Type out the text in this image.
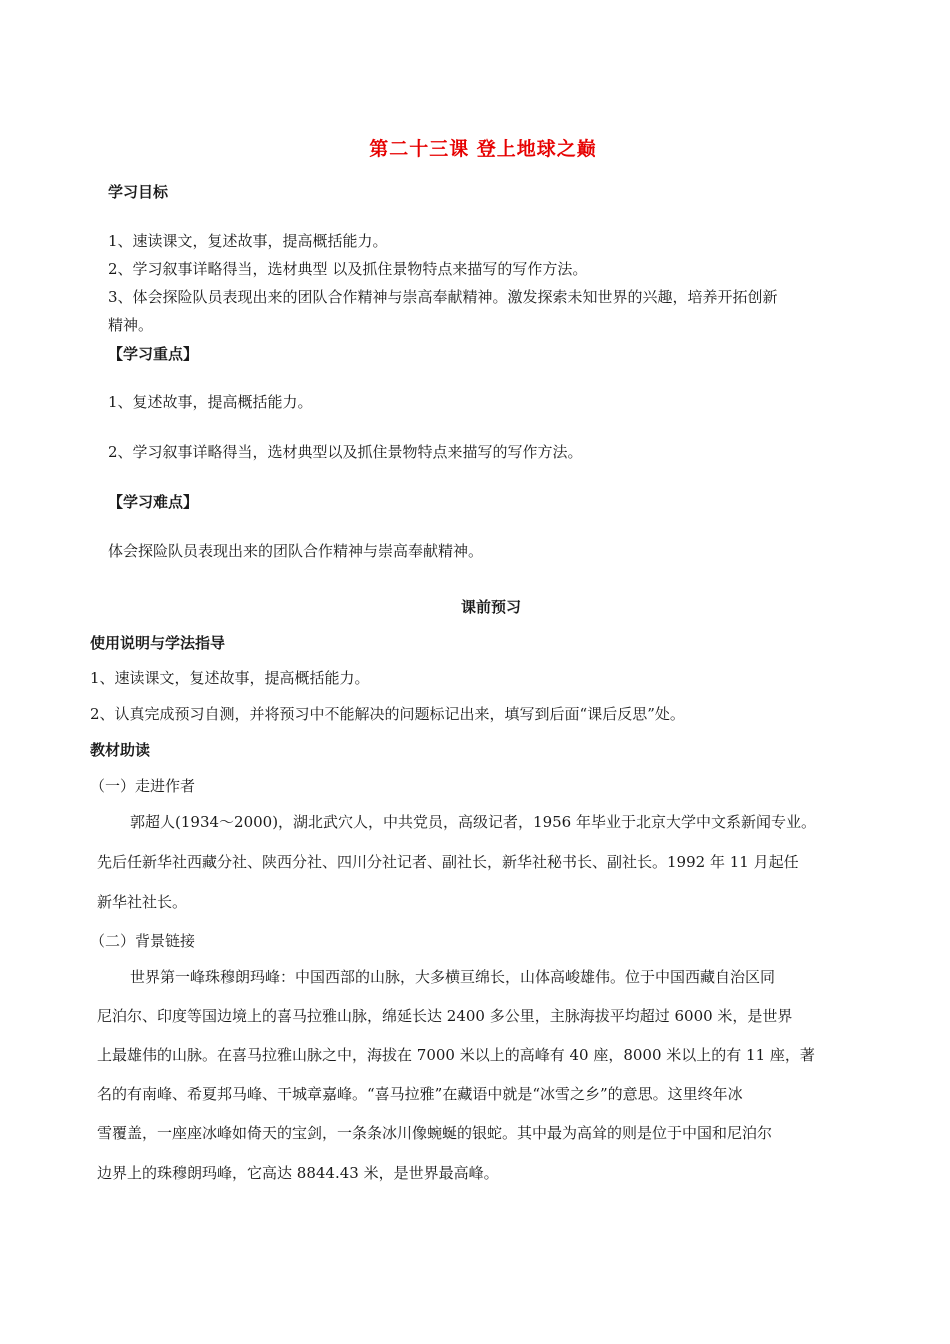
第二十三课 登上地球之巅
学习目标
1、速读课文，复述故事，提高概括能力。
2、学习叙事详略得当，选材典型 以及抓住景物特点来描写的写作方法。
3、体会探险队员表现出来的团队合作精神与崇高奉献精神。激发探索未知世界的兴趣，培养开拓创新
精神。
【学习重点】
1、复述故事，提高概括能力。
2、学习叙事详略得当，选材典型以及抓住景物特点来描写的写作方法。
【学习难点】
体会探险队员表现出来的团队合作精神与崇高奉献精神。
课前预习
使用说明与学法指导
1、速读课文，复述故事，提高概括能力。
2、认真完成预习自测，并将预习中不能解决的问题标记出来，填写到后面“课后反思”处。
教材助读
（一）走进作者
郭超人(1934～2000)，湖北武穴人，中共党员，高级记者，1956 年毕业于北京大学中文系新闻专业。
先后任新华社西藏分社、陕西分社、四川分社记者、副社长，新华社秘书长、副社长。1992 年 11 月起任
新华社社长。
（二）背景链接
世界第一峰珠穆朗玛峰：中国西部的山脉，大多横亘绵长，山体高峻雄伟。位于中国西藏自治区同
尼泊尔、印度等国边境上的喜马拉雅山脉，绵延长达 2400 多公里，主脉海拔平均超过 6000 米，是世界
上最雄伟的山脉。在喜马拉雅山脉之中，海拔在 7000 米以上的高峰有 40 座，8000 米以上的有 11 座，著
名的有南峰、希夏邦马峰、干城章嘉峰。“喜马拉雅”在藏语中就是“冰雪之乡”的意思。这里终年冰
雪覆盖，一座座冰峰如倚天的宝剑，一条条冰川像蜿蜒的银蛇。其中最为高耸的则是位于中国和尼泊尔
边界上的珠穆朗玛峰，它高达 8844.43 米，是世界最高峰。
